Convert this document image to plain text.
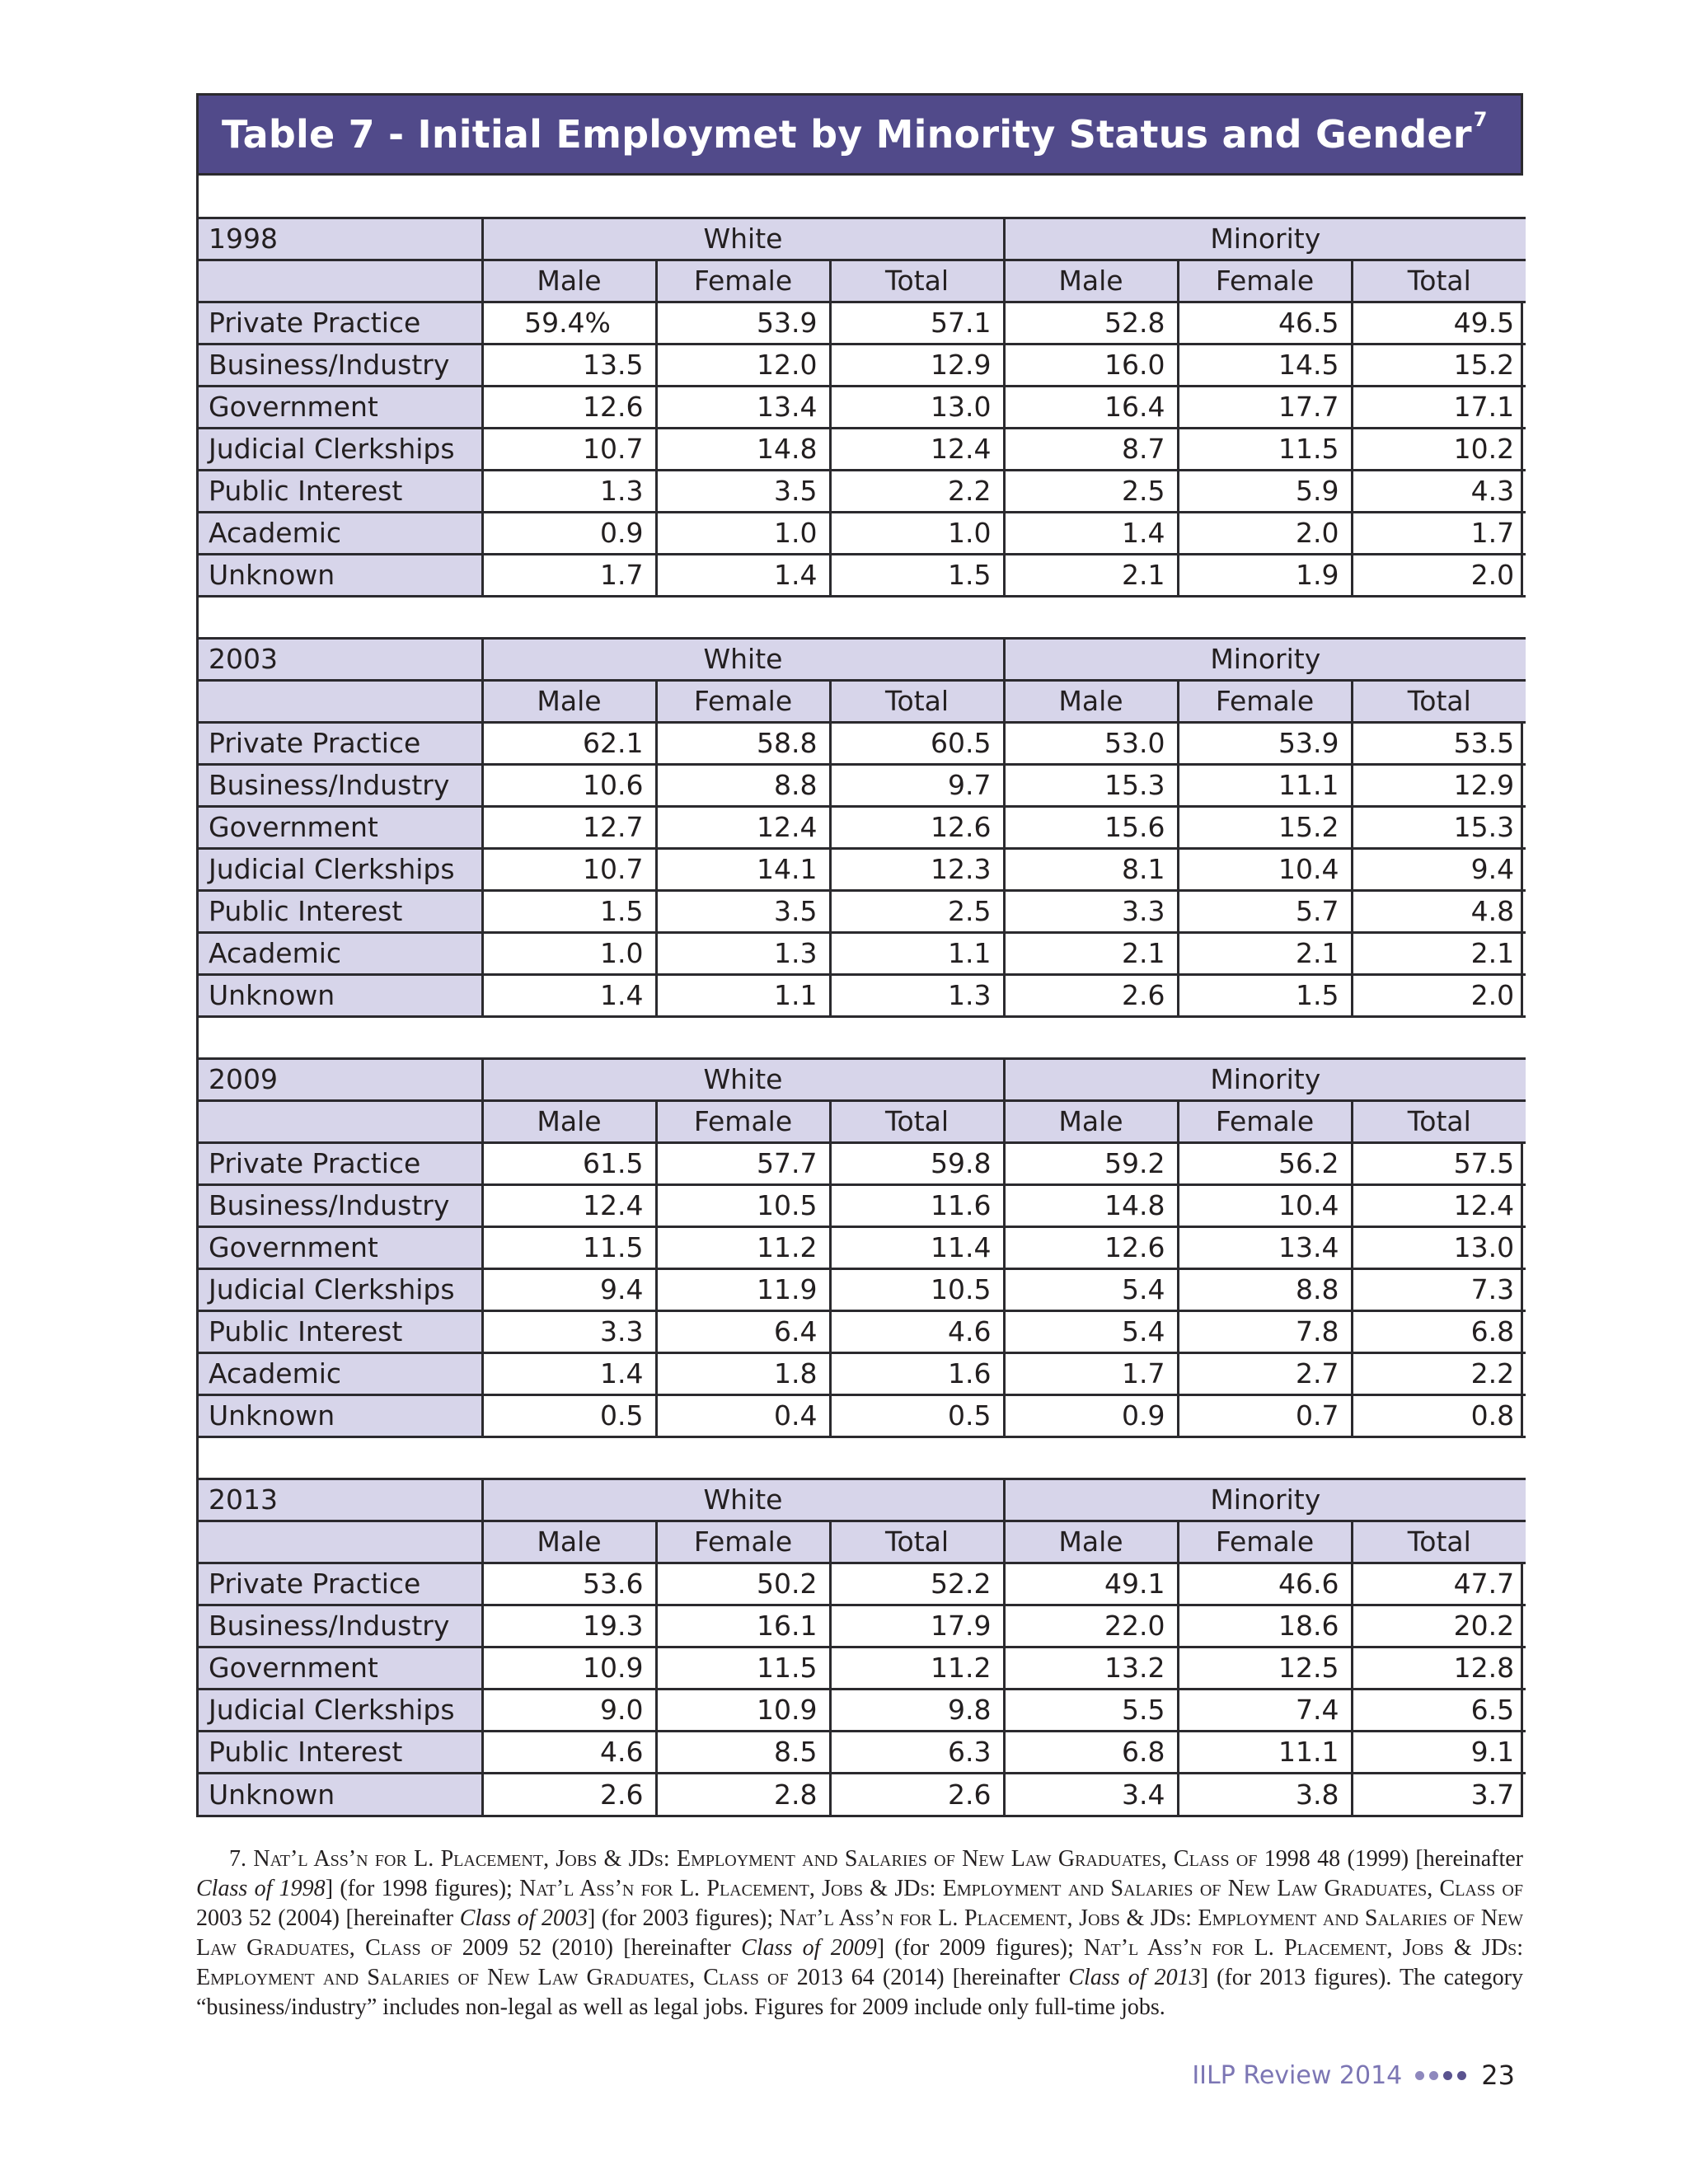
Table 7 - Initial Employmet by Minority Status and Gender$^7$

1998	White			Minority		
	Male	Female	Total	Male	Female	Total
Private Practice	59.4%	53.9	57.1	52.8	46.5	49.5
Business/Industry	13.5	12.0	12.9	16.0	14.5	15.2
Government	12.6	13.4	13.0	16.4	17.7	17.1
Judicial Clerkships	10.7	14.8	12.4	8.7	11.5	10.2
Public Interest	1.3	3.5	2.2	2.5	5.9	4.3
Academic	0.9	1.0	1.0	1.4	2.0	1.7
Unknown	1.7	1.4	1.5	2.1	1.9	2.0

2003	White			Minority		
	Male	Female	Total	Male	Female	Total
Private Practice	62.1	58.8	60.5	53.0	53.9	53.5
Business/Industry	10.6	8.8	9.7	15.3	11.1	12.9
Government	12.7	12.4	12.6	15.6	15.2	15.3
Judicial Clerkships	10.7	14.1	12.3	8.1	10.4	9.4
Public Interest	1.5	3.5	2.5	3.3	5.7	4.8
Academic	1.0	1.3	1.1	2.1	2.1	2.1
Unknown	1.4	1.1	1.3	2.6	1.5	2.0

2009	White			Minority		
	Male	Female	Total	Male	Female	Total
Private Practice	61.5	57.7	59.8	59.2	56.2	57.5
Business/Industry	12.4	10.5	11.6	14.8	10.4	12.4
Government	11.5	11.2	11.4	12.6	13.4	13.0
Judicial Clerkships	9.4	11.9	10.5	5.4	8.8	7.3
Public Interest	3.3	6.4	4.6	5.4	7.8	6.8
Academic	1.4	1.8	1.6	1.7	2.7	2.2
Unknown	0.5	0.4	0.5	0.9	0.7	0.8

2013	White			Minority		
	Male	Female	Total	Male	Female	Total
Private Practice	53.6	50.2	52.2	49.1	46.6	47.7
Business/Industry	19.3	16.1	17.9	22.0	18.6	20.2
Government	10.9	11.5	11.2	13.2	12.5	12.8
Judicial Clerkships	9.0	10.9	9.8	5.5	7.4	6.5
Public Interest	4.6	8.5	6.3	6.8	11.1	9.1
Unknown	2.6	2.8	2.6	3.4	3.8	3.7
7. Nat’l Ass’n for L. Placement, Jobs & JDs: Employment and Salaries of New Law Graduates, Class of 1998 48 (1999) [hereinafter Class of 1998] (for 1998 figures); Nat’l Ass’n for L. Placement, Jobs & JDs: Employment and Salaries of New Law Graduates, Class of 2003 52 (2004) [hereinafter Class of 2003] (for 2003 figures); Nat’l Ass’n for L. Placement, Jobs & JDs: Employment and Salaries of New Law Graduates, Class of 2009 52 (2010) [hereinafter Class of 2009] (for 2009 figures); Nat’l Ass’n for L. Placement, Jobs & JDs: Employment and Salaries of New Law Graduates, Class of 2013 64 (2014) [hereinafter Class of 2013] (for 2013 figures). The category “business/industry” includes non-legal as well as legal jobs. Figures for 2009 include only full-time jobs.
IILP Review 2014	23
